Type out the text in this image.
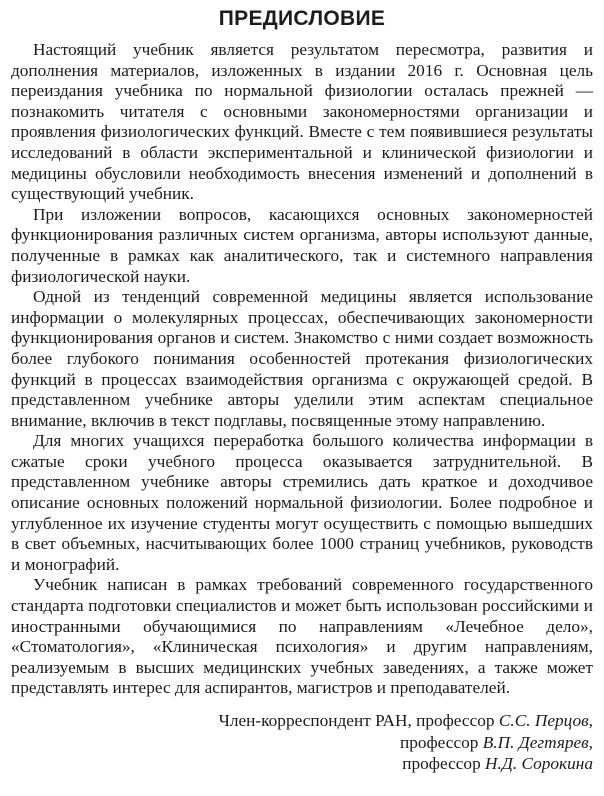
ПРЕДИСЛОВИЕ

Настоящий учебник является результатом пересмотра, развития и дополнения материалов, изложенных в издании 2016 г. Основная цель переиздания учебника по нормальной физиологии осталась прежней — познакомить читателя с основными закономерностями организации и проявления физиологических функций. Вместе с тем появившиеся результаты исследований в области экспериментальной и клинической физиологии и медицины обусловили необходимость внесения изменений и дополнений в существующий учебник.

При изложении вопросов, касающихся основных закономерностей функционирования различных систем организма, авторы используют данные, полученные в рамках как аналитического, так и системного направления физиологической науки.

Одной из тенденций современной медицины является использование информации о молекулярных процессах, обеспечивающих закономерности функционирования органов и систем. Знакомство с ними создает возможность более глубокого понимания особенностей протекания физиологических функций в процессах взаимодействия организма с окружающей средой. В представленном учебнике авторы уделили этим аспектам специальное внимание, включив в текст подглавы, посвященные этому направлению.

Для многих учащихся переработка большого количества информации в сжатые сроки учебного процесса оказывается затруднительной. В представленном учебнике авторы стремились дать краткое и доходчивое описание основных положений нормальной физиологии. Более подробное и углубленное их изучение студенты могут осуществить с помощью вышедших в свет объемных, насчитывающих более 1000 страниц учебников, руководств и монографий.

Учебник написан в рамках требований современного государственного стандарта подготовки специалистов и может быть использован российскими и иностранными обучающимися по направлениям «Лечебное дело», «Стоматология», «Клиническая психология» и другим направлениям, реализуемым в высших медицинских учебных заведениях, а также может представлять интерес для аспирантов, магистров и преподавателей.

Член-корреспондент РАН, профессор С.С. Перцов,
профессор В.П. Дегтярев,
профессор Н.Д. Сорокина
